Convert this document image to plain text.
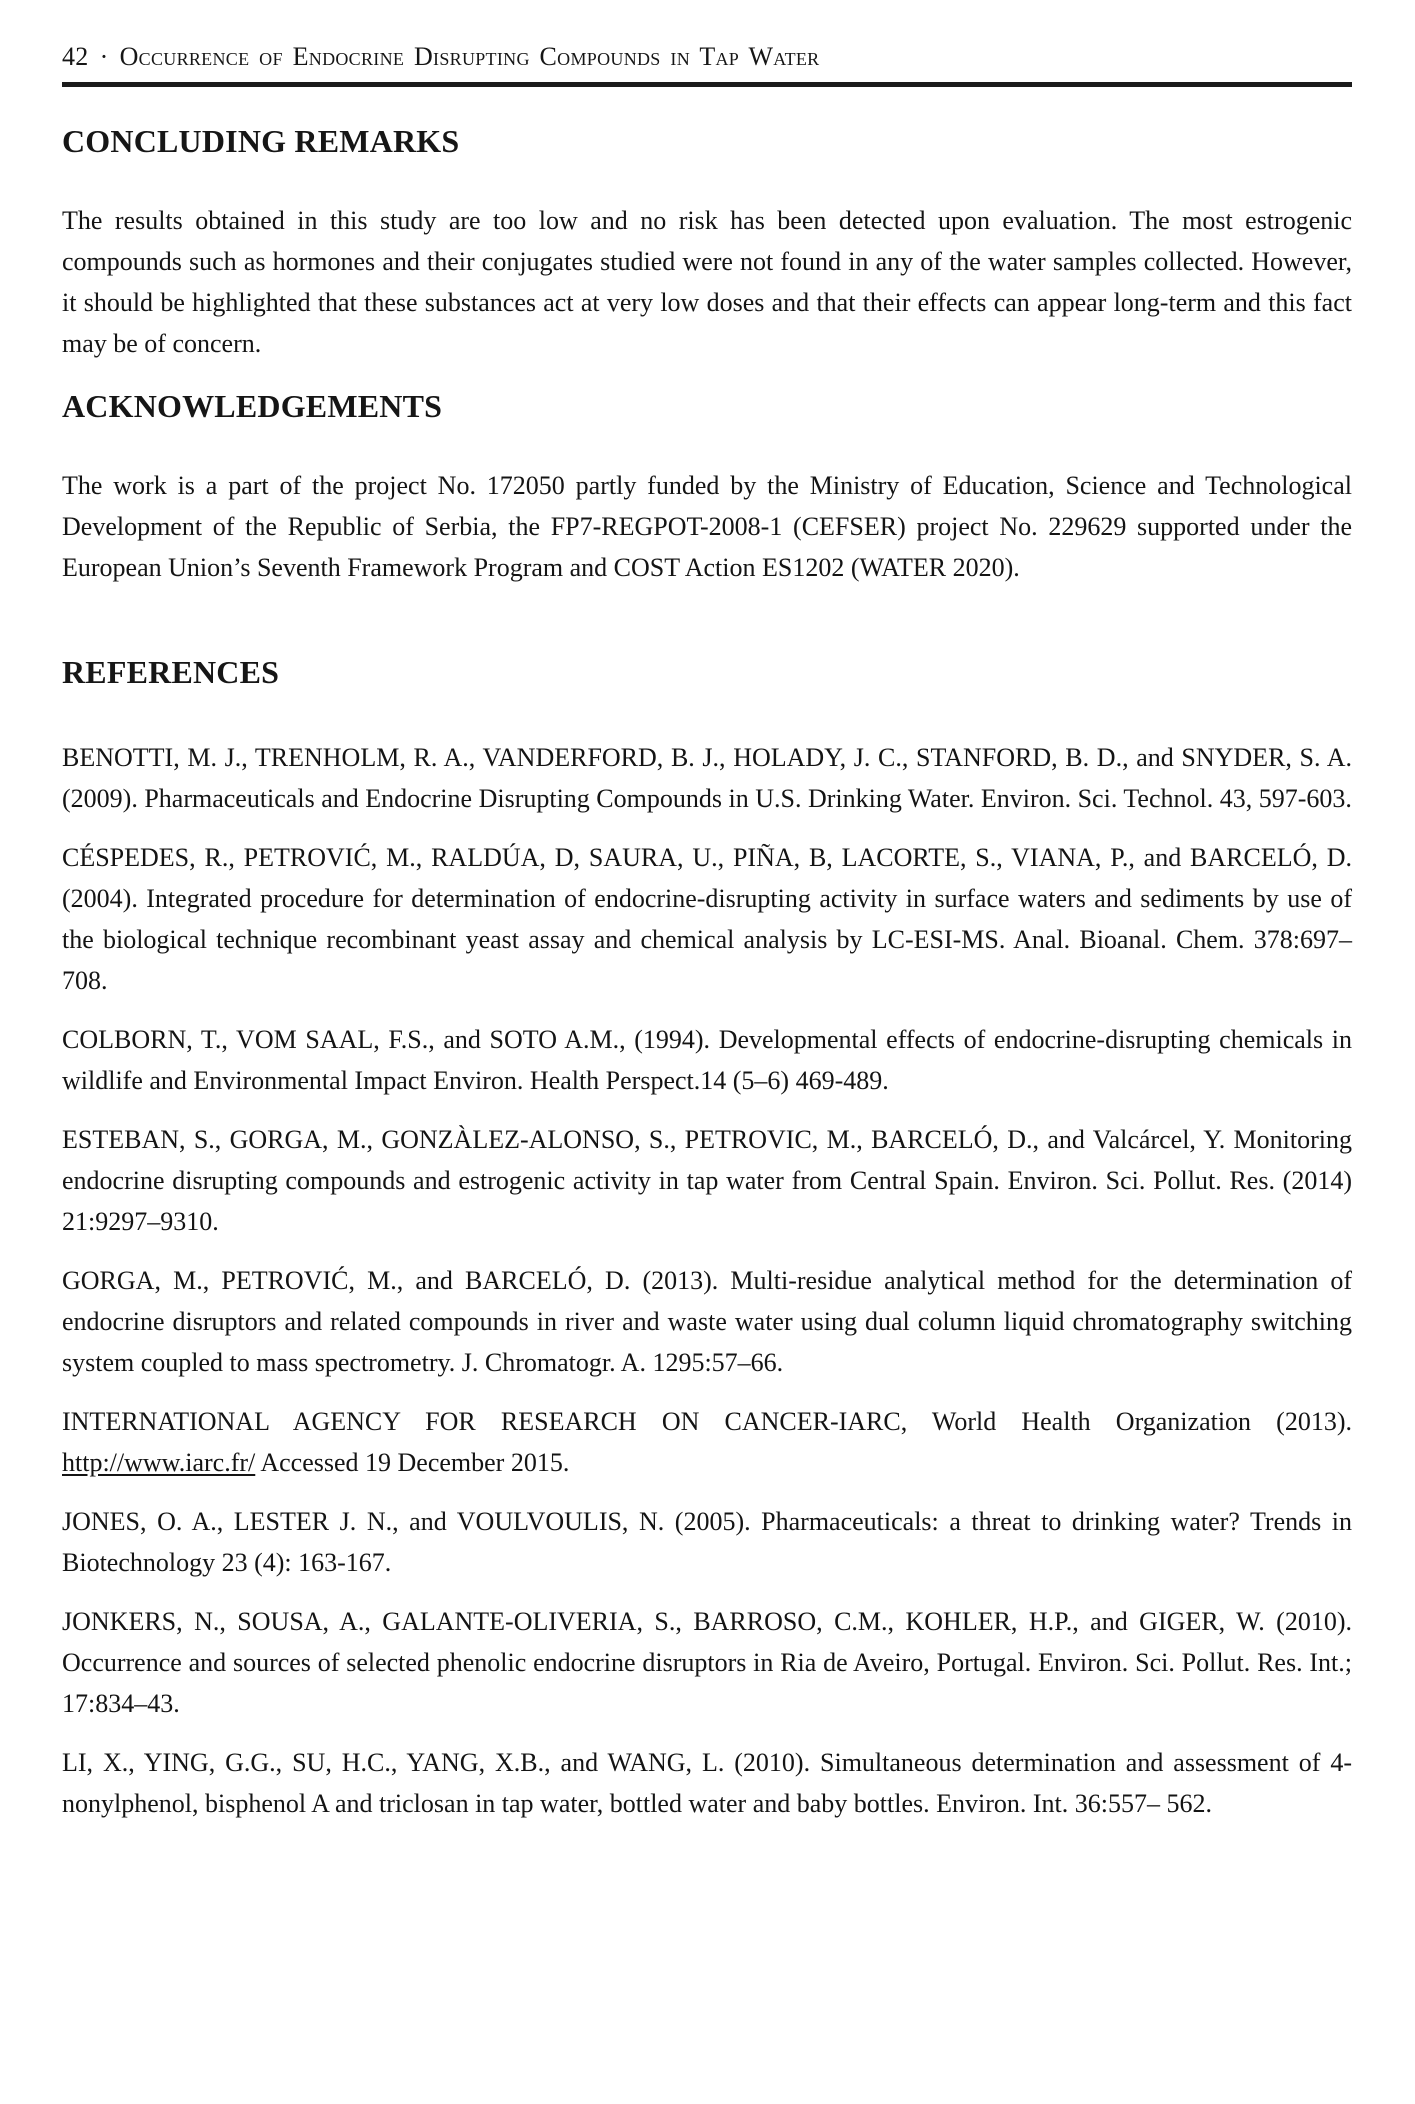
42 · Occurrence of Endocrine Disrupting Compounds in Tap Water
CONCLUDING REMARKS

The results obtained in this study are too low and no risk has been detected upon evaluation. The most estrogenic compounds such as hormones and their conjugates studied were not found in any of the water samples collected. However, it should be highlighted that these substances act at very low doses and that their effects can appear long-term and this fact may be of concern.

ACKNOWLEDGEMENTS

The work is a part of the project No. 172050 partly funded by the Ministry of Education, Science and Technological Development of the Republic of Serbia, the FP7-REGPOT-2008-1 (CEFSER) project No. 229629 supported under the European Union’s Seventh Framework Program and COST Action ES1202 (WATER 2020).

REFERENCES

BENOTTI, M. J., TRENHOLM, R. A., VANDERFORD, B. J., HOLADY, J. C., STANFORD, B. D., and SNYDER, S. A. (2009). Pharmaceuticals and Endocrine Disrupting Compounds in U.S. Drinking Water. Environ. Sci. Technol. 43, 597-603.

CÉSPEDES, R., PETROVIĆ, M., RALDÚA, D, SAURA, U., PIÑA, B, LACORTE, S., VIANA, P., and BARCELÓ, D. (2004). Integrated procedure for determination of endocrine-disrupting activity in surface waters and sediments by use of the biological technique recombinant yeast assay and chemical analysis by LC-ESI-MS. Anal. Bioanal. Chem. 378:697–708.

COLBORN, T., VOM SAAL, F.S., and SOTO A.M., (1994). Developmental effects of endocrine-disrupting chemicals in wildlife and Environmental Impact Environ. Health Perspect.14 (5–6) 469-489.

ESTEBAN, S., GORGA, M., GONZÀLEZ-ALONSO, S., PETROVIC, M., BARCELÓ, D., and Valcárcel, Y. Monitoring endocrine disrupting compounds and estrogenic activity in tap water from Central Spain. Environ. Sci. Pollut. Res. (2014) 21:9297–9310.

GORGA, M., PETROVIĆ, M., and BARCELÓ, D. (2013). Multi-residue analytical method for the determination of endocrine disruptors and related compounds in river and waste water using dual column liquid chromatography switching system coupled to mass spectrometry. J. Chromatogr. A. 1295:57–66.

INTERNATIONAL AGENCY FOR RESEARCH ON CANCER-IARC, World Health Organization (2013). http://www.iarc.fr/ Accessed 19 December 2015.

JONES, O. A., LESTER J. N., and VOULVOULIS, N. (2005). Pharmaceuticals: a threat to drinking water? Trends in Biotechnology 23 (4): 163-167.

JONKERS, N., SOUSA, A., GALANTE-OLIVERIA, S., BARROSO, C.M., KOHLER, H.P., and GIGER, W. (2010). Occurrence and sources of selected phenolic endocrine disruptors in Ria de Aveiro, Portugal. Environ. Sci. Pollut. Res. Int.; 17:834–43.

LI, X., YING, G.G., SU, H.C., YANG, X.B., and WANG, L. (2010). Simultaneous determination and assessment of 4-nonylphenol, bisphenol A and triclosan in tap water, bottled water and baby bottles. Environ. Int. 36:557– 562.
